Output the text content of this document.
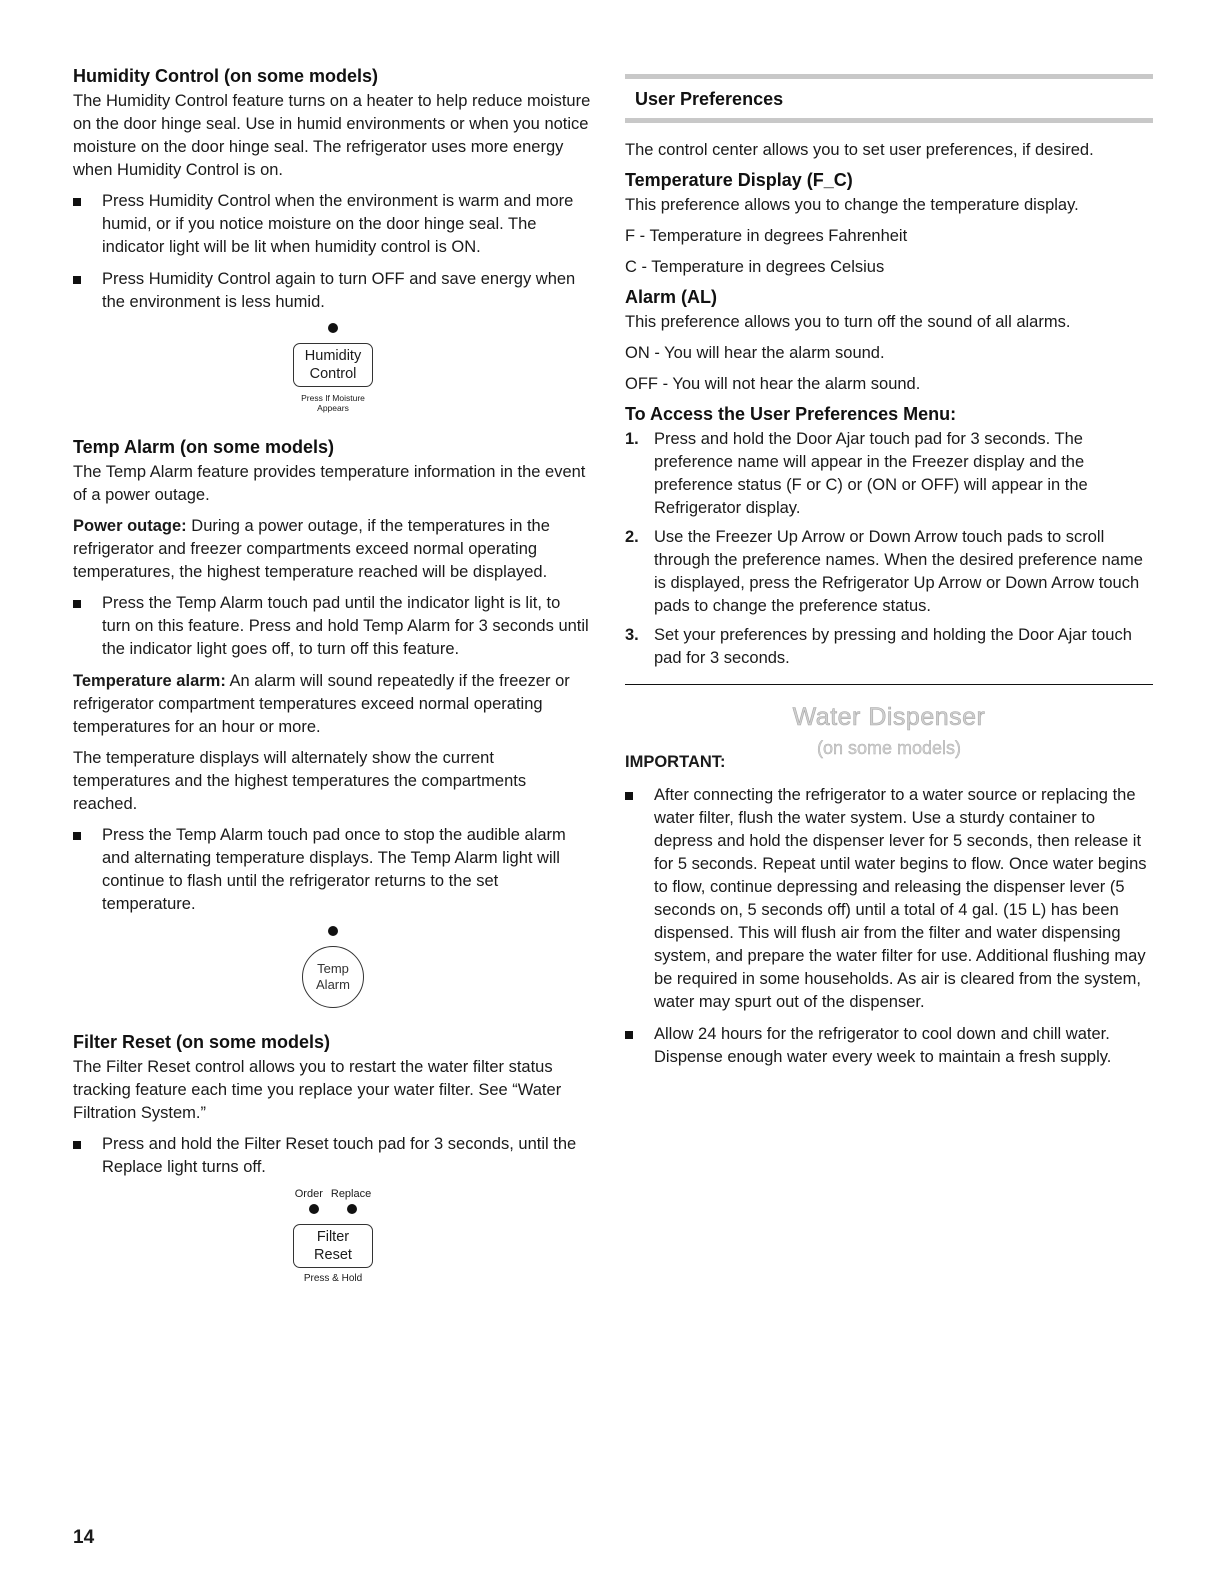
Humidity Control (on some models)

The Humidity Control feature turns on a heater to help reduce moisture on the door hinge seal. Use in humid environments or when you notice moisture on the door hinge seal. The refrigerator uses more energy when Humidity Control is on.

Press Humidity Control when the environment is warm and more humid, or if you notice moisture on the door hinge seal. The indicator light will be lit when humidity control is ON.
Press Humidity Control again to turn OFF and save energy when the environment is less humid.
Humidity
Control
Press If Moisture Appears
Temp Alarm (on some models)

The Temp Alarm feature provides temperature information in the event of a power outage.

Power outage: During a power outage, if the temperatures in the refrigerator and freezer compartments exceed normal operating temperatures, the highest temperature reached will be displayed.

Press the Temp Alarm touch pad until the indicator light is lit, to turn on this feature. Press and hold Temp Alarm for 3 seconds until the indicator light goes off, to turn off this feature.

Temperature alarm: An alarm will sound repeatedly if the freezer or refrigerator compartment temperatures exceed normal operating temperatures for an hour or more.

The temperature displays will alternately show the current temperatures and the highest temperatures the compartments reached.

Press the Temp Alarm touch pad once to stop the audible alarm and alternating temperature displays. The Temp Alarm light will continue to flash until the refrigerator returns to the set temperature.
Temp
Alarm
Filter Reset (on some models)

The Filter Reset control allows you to restart the water filter status tracking feature each time you replace your water filter. See “Water Filtration System.”

Press and hold the Filter Reset touch pad for 3 seconds, until the Replace light turns off.
Order Replace
Filter
Reset
Press & Hold
User Preferences

The control center allows you to set user preferences, if desired.

Temperature Display (F_C)

This preference allows you to change the temperature display.

F - Temperature in degrees Fahrenheit

C - Temperature in degrees Celsius

Alarm (AL)

This preference allows you to turn off the sound of all alarms.

ON - You will hear the alarm sound.

OFF - You will not hear the alarm sound.

To Access the User Preferences Menu:
1. Press and hold the Door Ajar touch pad for 3 seconds. The preference name will appear in the Freezer display and the preference status (F or C) or (ON or OFF) will appear in the Refrigerator display.
2. Use the Freezer Up Arrow or Down Arrow touch pads to scroll through the preference names. When the desired preference name is displayed, press the Refrigerator Up Arrow or Down Arrow touch pads to change the preference status.
3. Set your preferences by pressing and holding the Door Ajar touch pad for 3 seconds.
Water Dispenser
(on some models)
IMPORTANT:
After connecting the refrigerator to a water source or replacing the water filter, flush the water system. Use a sturdy container to depress and hold the dispenser lever for 5 seconds, then release it for 5 seconds. Repeat until water begins to flow. Once water begins to flow, continue depressing and releasing the dispenser lever (5 seconds on, 5 seconds off) until a total of 4 gal. (15 L) has been dispensed. This will flush air from the filter and water dispensing system, and prepare the water filter for use. Additional flushing may be required in some households. As air is cleared from the system, water may spurt out of the dispenser.
Allow 24 hours for the refrigerator to cool down and chill water. Dispense enough water every week to maintain a fresh supply.
14
